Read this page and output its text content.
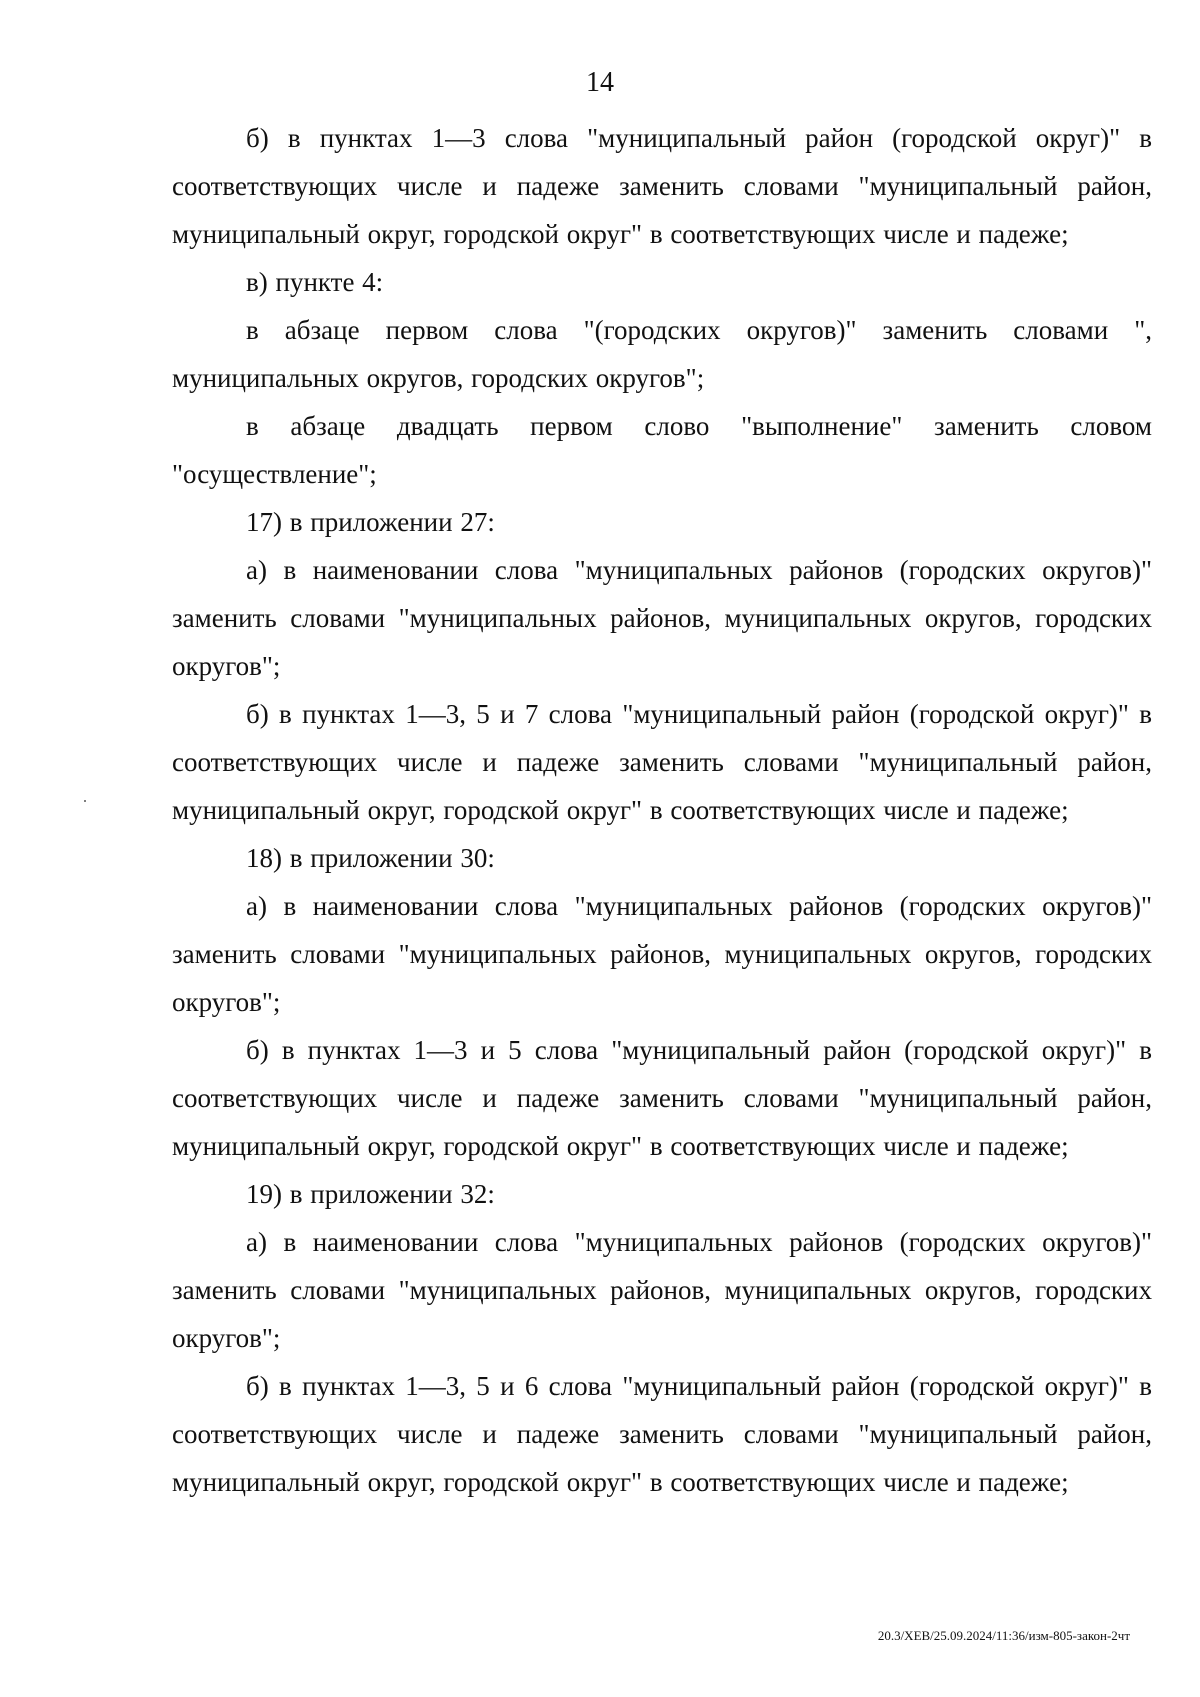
14

б) в пунктах 1—3 слова "муниципальный район (городской округ)" в соответствующих числе и падеже заменить словами "муниципальный район, муниципальный округ, городской округ" в соответствующих числе и падеже;

в) пункте 4:

в абзаце первом слова "(городских округов)" заменить словами ", муниципальных округов, городских округов";

в абзаце двадцать первом слово "выполнение" заменить словом "осуществление";

17) в приложении 27:

а) в наименовании слова "муниципальных районов (городских округов)" заменить словами "муниципальных районов, муниципальных округов, городских округов";

б) в пунктах 1—3, 5 и 7 слова "муниципальный район (городской округ)" в соответствующих числе и падеже заменить словами "муниципальный район, муниципальный округ, городской округ" в соответствующих числе и падеже;

18) в приложении 30:

а) в наименовании слова "муниципальных районов (городских округов)" заменить словами "муниципальных районов, муниципальных округов, городских округов";

б) в пунктах 1—3 и 5 слова "муниципальный район (городской округ)" в соответствующих числе и падеже заменить словами "муниципальный район, муниципальный округ, городской округ" в соответствующих числе и падеже;

19) в приложении 32:

а) в наименовании слова "муниципальных районов (городских округов)" заменить словами "муниципальных районов, муниципальных округов, городских округов";

б) в пунктах 1—3, 5 и 6 слова "муниципальный район (городской округ)" в соответствующих числе и падеже заменить словами "муниципальный район, муниципальный округ, городской округ" в соответствующих числе и падеже;

20.3/ХЕВ/25.09.2024/11:36/изм-805-закон-2чт
